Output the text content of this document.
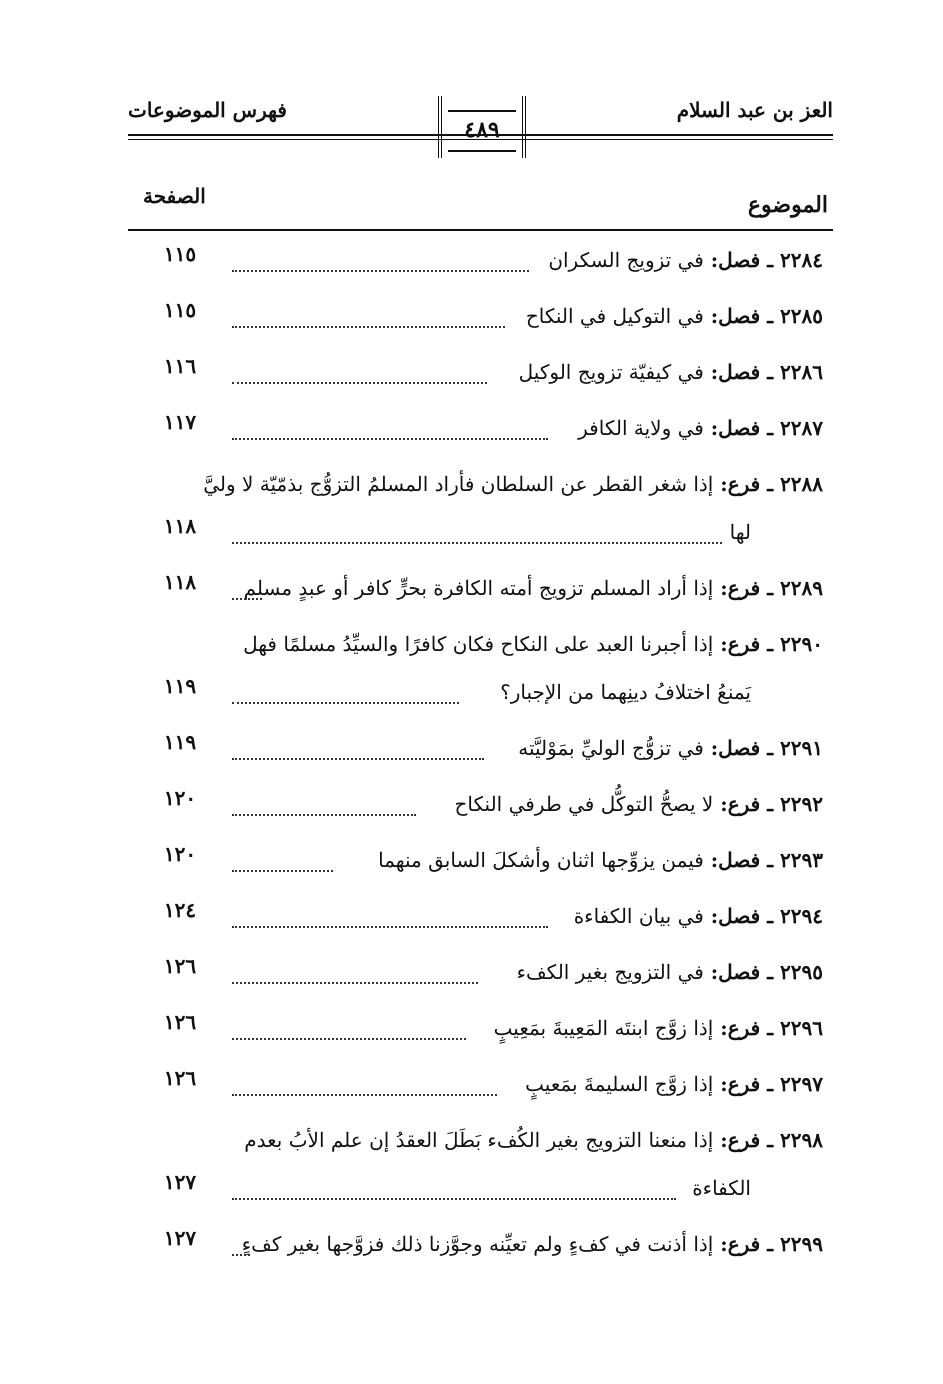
العز بن عبد السلام
٤٨٩
فهرس الموضوعات
الموضوع
الصفحة
٢٢٨٤ ـ فصل: في تزويج السكران
١١٥
٢٢٨٥ ـ فصل: في التوكيل في النكاح
١١٥
٢٢٨٦ ـ فصل: في كيفيّة تزويج الوكيل
١١٦
٢٢٨٧ ـ فصل: في ولاية الكافر
١١٧
٢٢٨٨ ـ فرع: إذا شغر القطر عن السلطان فأراد المسلمُ التزوُّج بذمّيّة لا وليَّ
لها
١١٨
٢٢٨٩ ـ فرع: إذا أراد المسلم تزويج أمته الكافرة بحرٍّ كافر أو عبدٍ مسلم
١١٨
٢٢٩٠ ـ فرع: إذا أجبرنا العبد على النكاح فكان كافرًا والسيِّدُ مسلمًا فهل
يَمنعُ اختلافُ دينِهما من الإجبار؟
١١٩
٢٢٩١ ـ فصل: في تزوُّج الوليِّ بمَوْليَّته
١١٩
٢٢٩٢ ـ فرع: لا يصحُّ التوكُّل في طرفي النكاح
١٢٠
٢٢٩٣ ـ فصل: فيمن يزوِّجها اثنان وأشكلَ السابق منهما
١٢٠
٢٢٩٤ ـ فصل: في بيان الكفاءة
١٢٤
٢٢٩٥ ـ فصل: في التزويج بغير الكفء
١٢٦
٢٢٩٦ ـ فرع: إذا زوَّج ابنتَه المَعِيبةَ بمَعِيبٍ
١٢٦
٢٢٩٧ ـ فرع: إذا زوَّج السليمةَ بمَعيبٍ
١٢٦
٢٢٩٨ ـ فرع: إذا منعنا التزويج بغير الكُفء بَطَلَ العقدُ إن علم الأبُ بعدم
الكفاءة
١٢٧
٢٢٩٩ ـ فرع: إذا أذنت في كفءٍ ولم تعيِّنه وجوَّزنا ذلك فزوَّجها بغير كفءٍ
١٢٧
